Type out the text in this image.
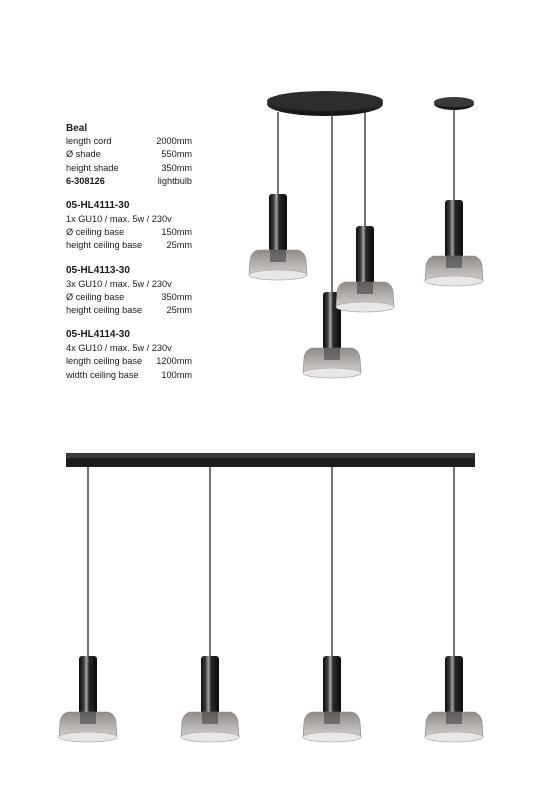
Beal
length cord	2000mm
Ø shade	550mm
height shade	350mm
6-308126	lightbulb
05-HL4111-30
1x GU10 / max. 5w / 230v
Ø ceiling base	150mm
height ceiling base	25mm
05-HL4113-30
3x GU10 / max. 5w / 230v
Ø ceiling base	350mm
height ceiling base	25mm
05-HL4114-30
4x GU10 / max. 5w / 230v
length ceiling base 1200mm
width ceiling base 100mm
